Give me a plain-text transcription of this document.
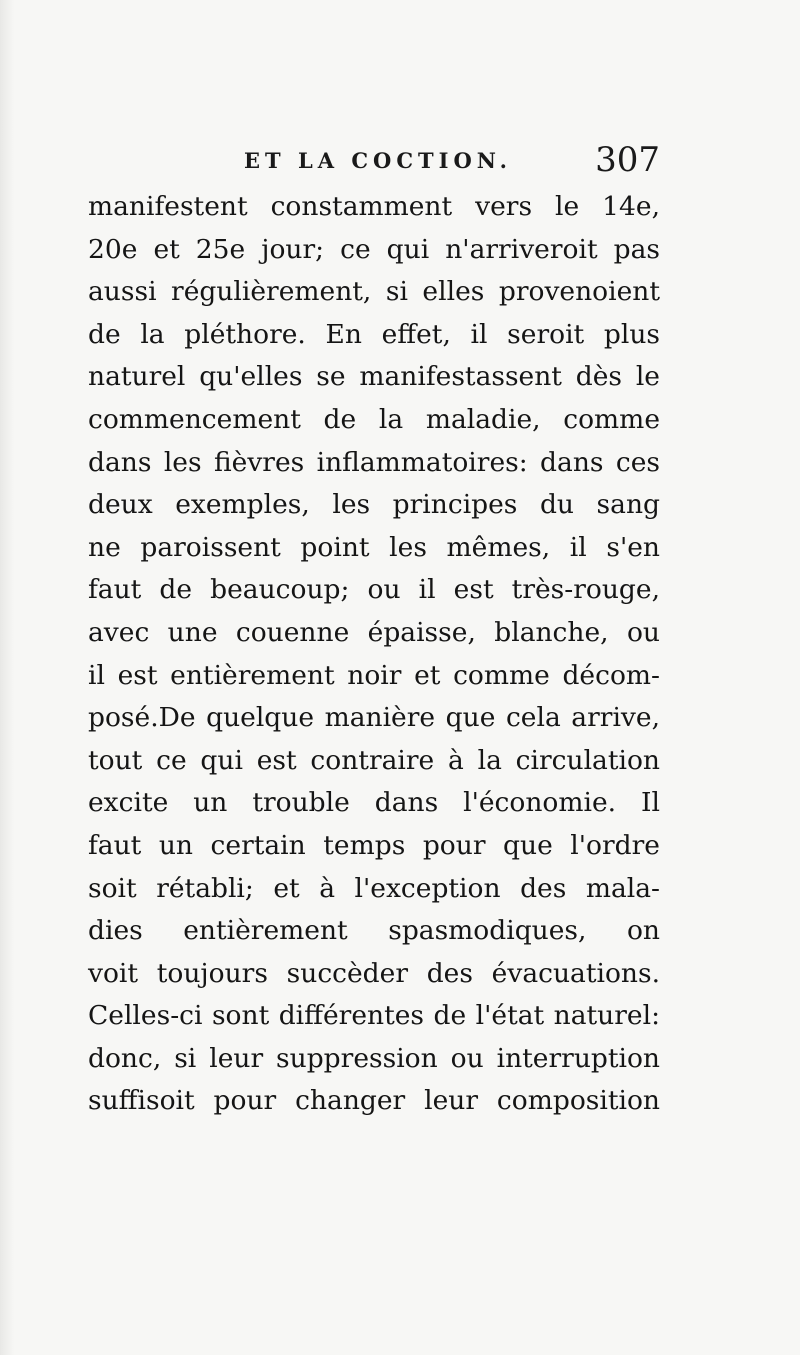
ET LA COCTION. 307
manifestent constamment vers le 14e,
20e et 25e jour; ce qui n'arriveroit pas
aussi régulièrement, si elles provenoient
de la pléthore. En effet, il seroit plus
naturel qu'elles se manifestassent dès le
commencement de la maladie, comme
dans les fièvres inflammatoires: dans ces
deux exemples, les principes du sang
ne paroissent point les mêmes, il s'en
faut de beaucoup; ou il est très-rouge,
avec une couenne épaisse, blanche, ou
il est entièrement noir et comme décom-
posé.De quelque manière que cela arrive,
tout ce qui est contraire à la circulation
excite un trouble dans l'économie. Il
faut un certain temps pour que l'ordre
soit rétabli; et à l'exception des mala-
dies entièrement spasmodiques, on
voit toujours succèder des évacuations.
Celles-ci sont différentes de l'état naturel:
donc, si leur suppression ou interruption
suffisoit pour changer leur composition
